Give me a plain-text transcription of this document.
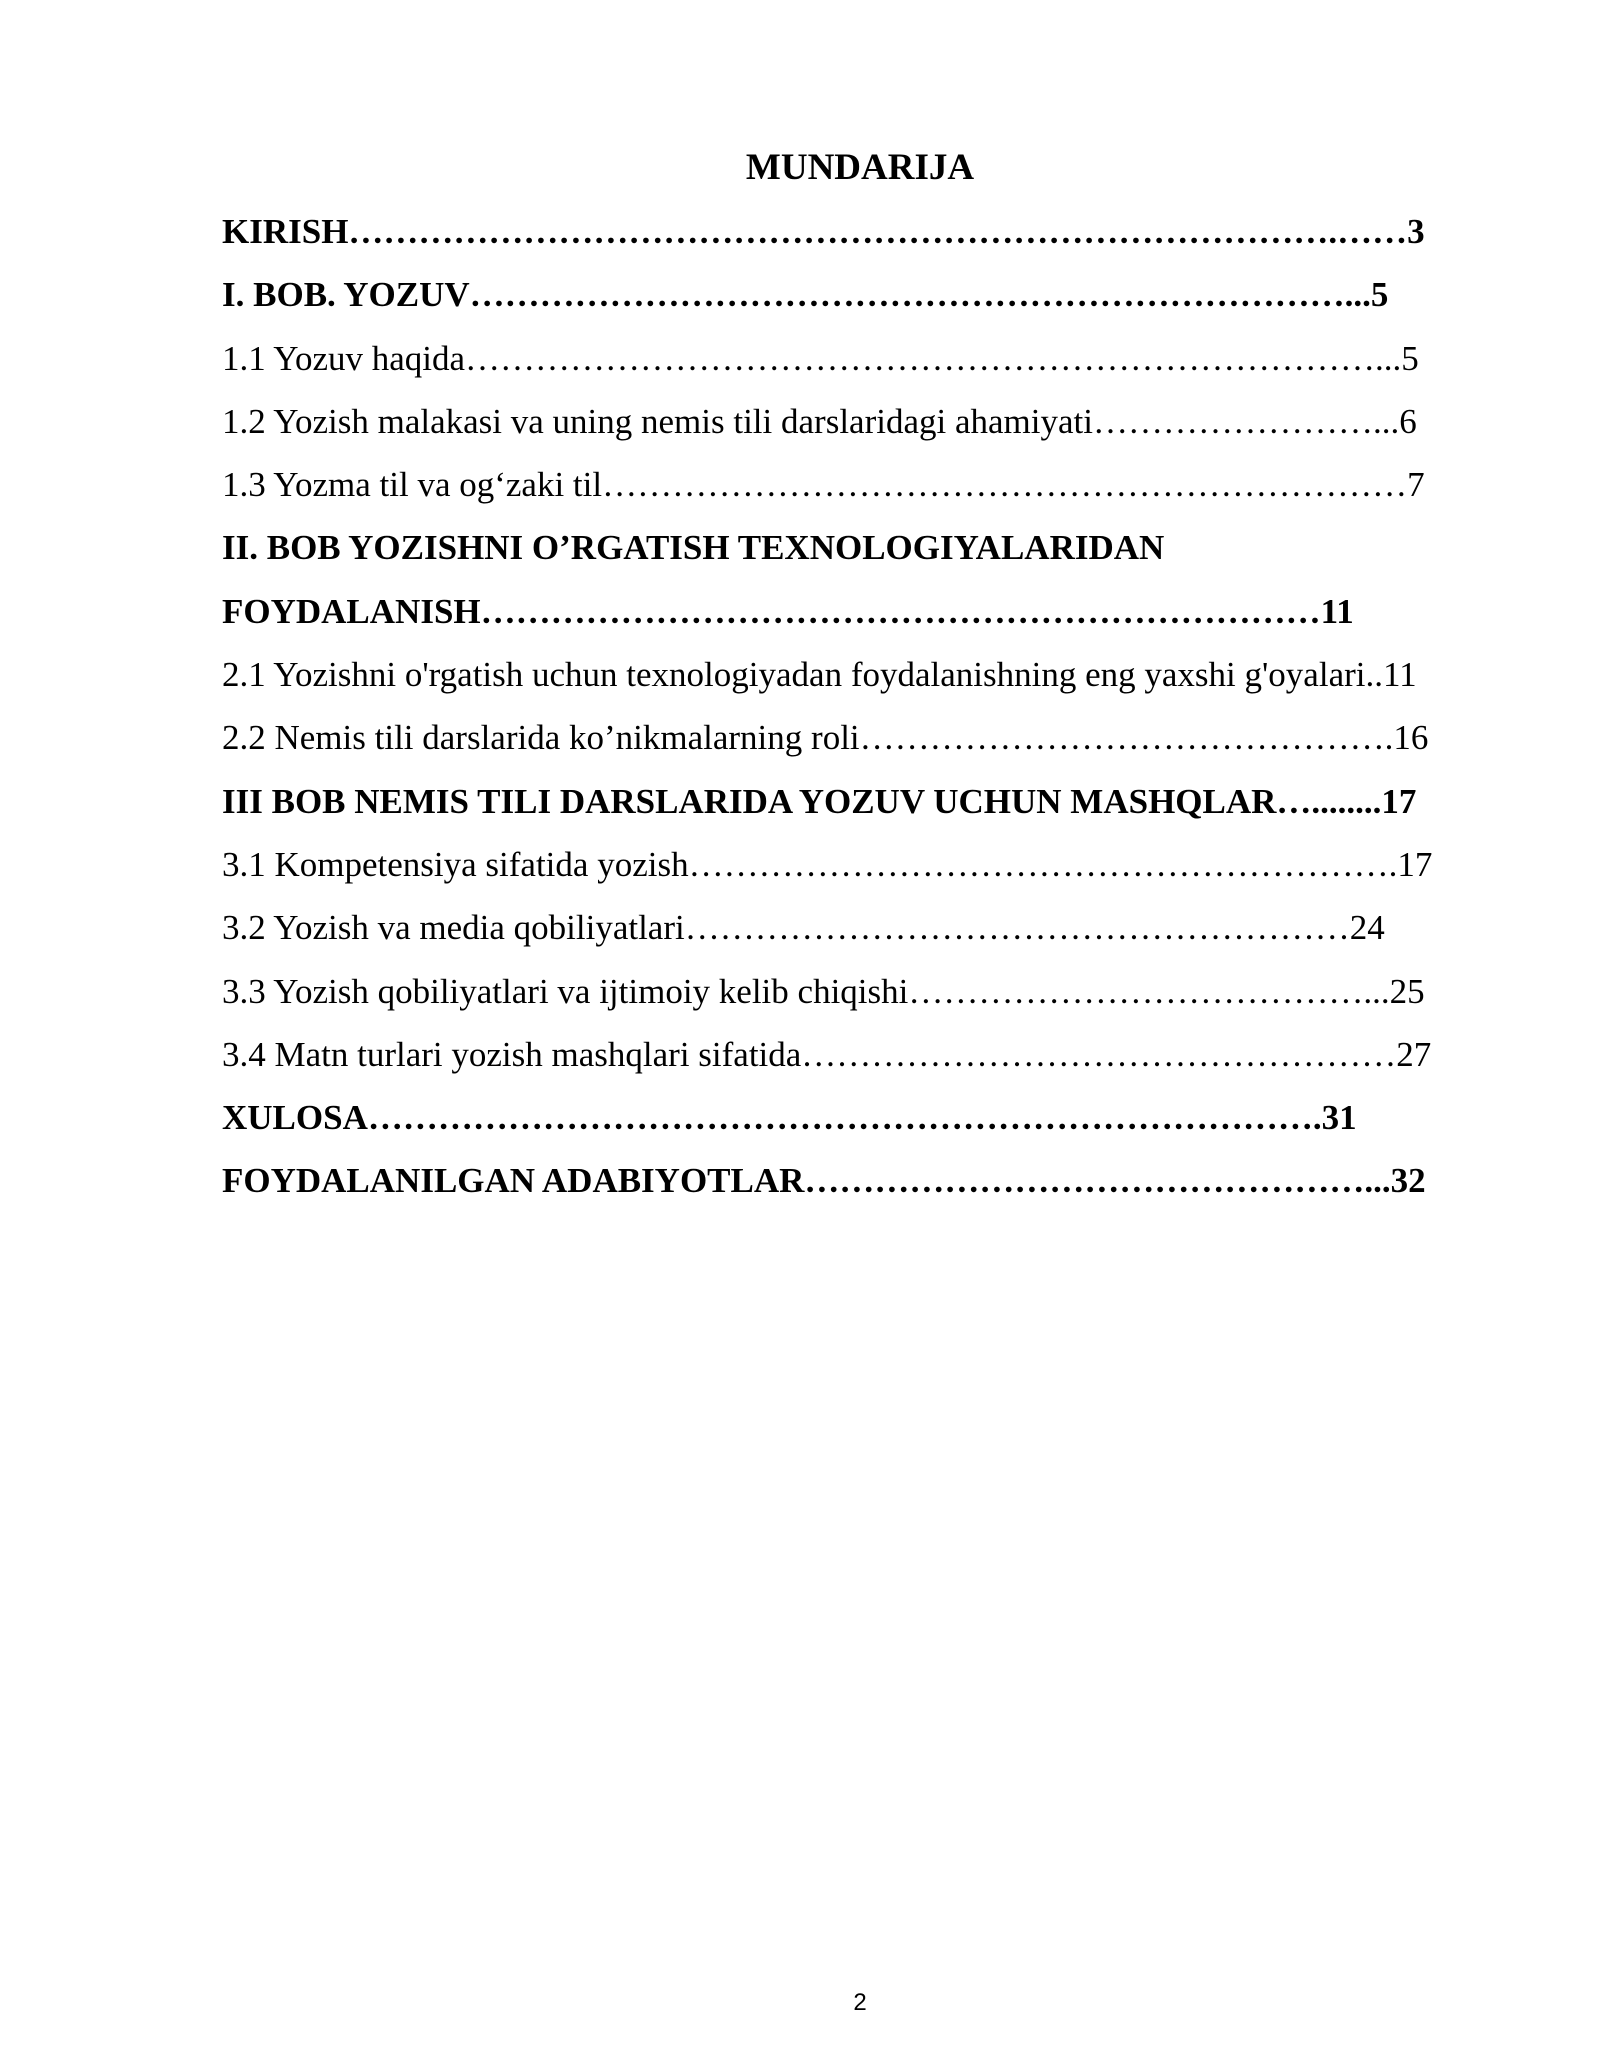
MUNDARIJA
KIRISH………………………………………………………………………….……3
I. BOB. YOZUV…………………………………………………………………...5
1.1 Yozuv haqida……………………………………………………………………...5
1.2 Yozish malakasi va uning nemis tili darslaridagi ahamiyati……………………...6
1.3 Yozma til va og‘zaki til……………………………………………………………7
II. BOB YOZISHNI O’RGATISH TEXNOLOGIYALARIDAN
FOYDALANISH………………………………………………………………11
2.1 Yozishni o'rgatish uchun texnologiyadan foydalanishning eng yaxshi g'oyalari..11
2.2 Nemis tili darslarida ko’nikmalarning roli……………………………………….16
III BOB NEMIS TILI DARSLARIDA YOZUV UCHUN MASHQLAR…........17
3.1 Kompetensiya sifatida yozish…………………………………………………….17
3.2 Yozish va media qobiliyatlari…………………………………………………24
3.3 Yozish qobiliyatlari va ijtimoiy kelib chiqishi…………………………………...25
3.4 Matn turlari yozish mashqlari sifatida……………………………………………27
XULOSA……………………………………………………………………….31
FOYDALANILGAN ADABIYOTLAR…………………………………………...32
2
